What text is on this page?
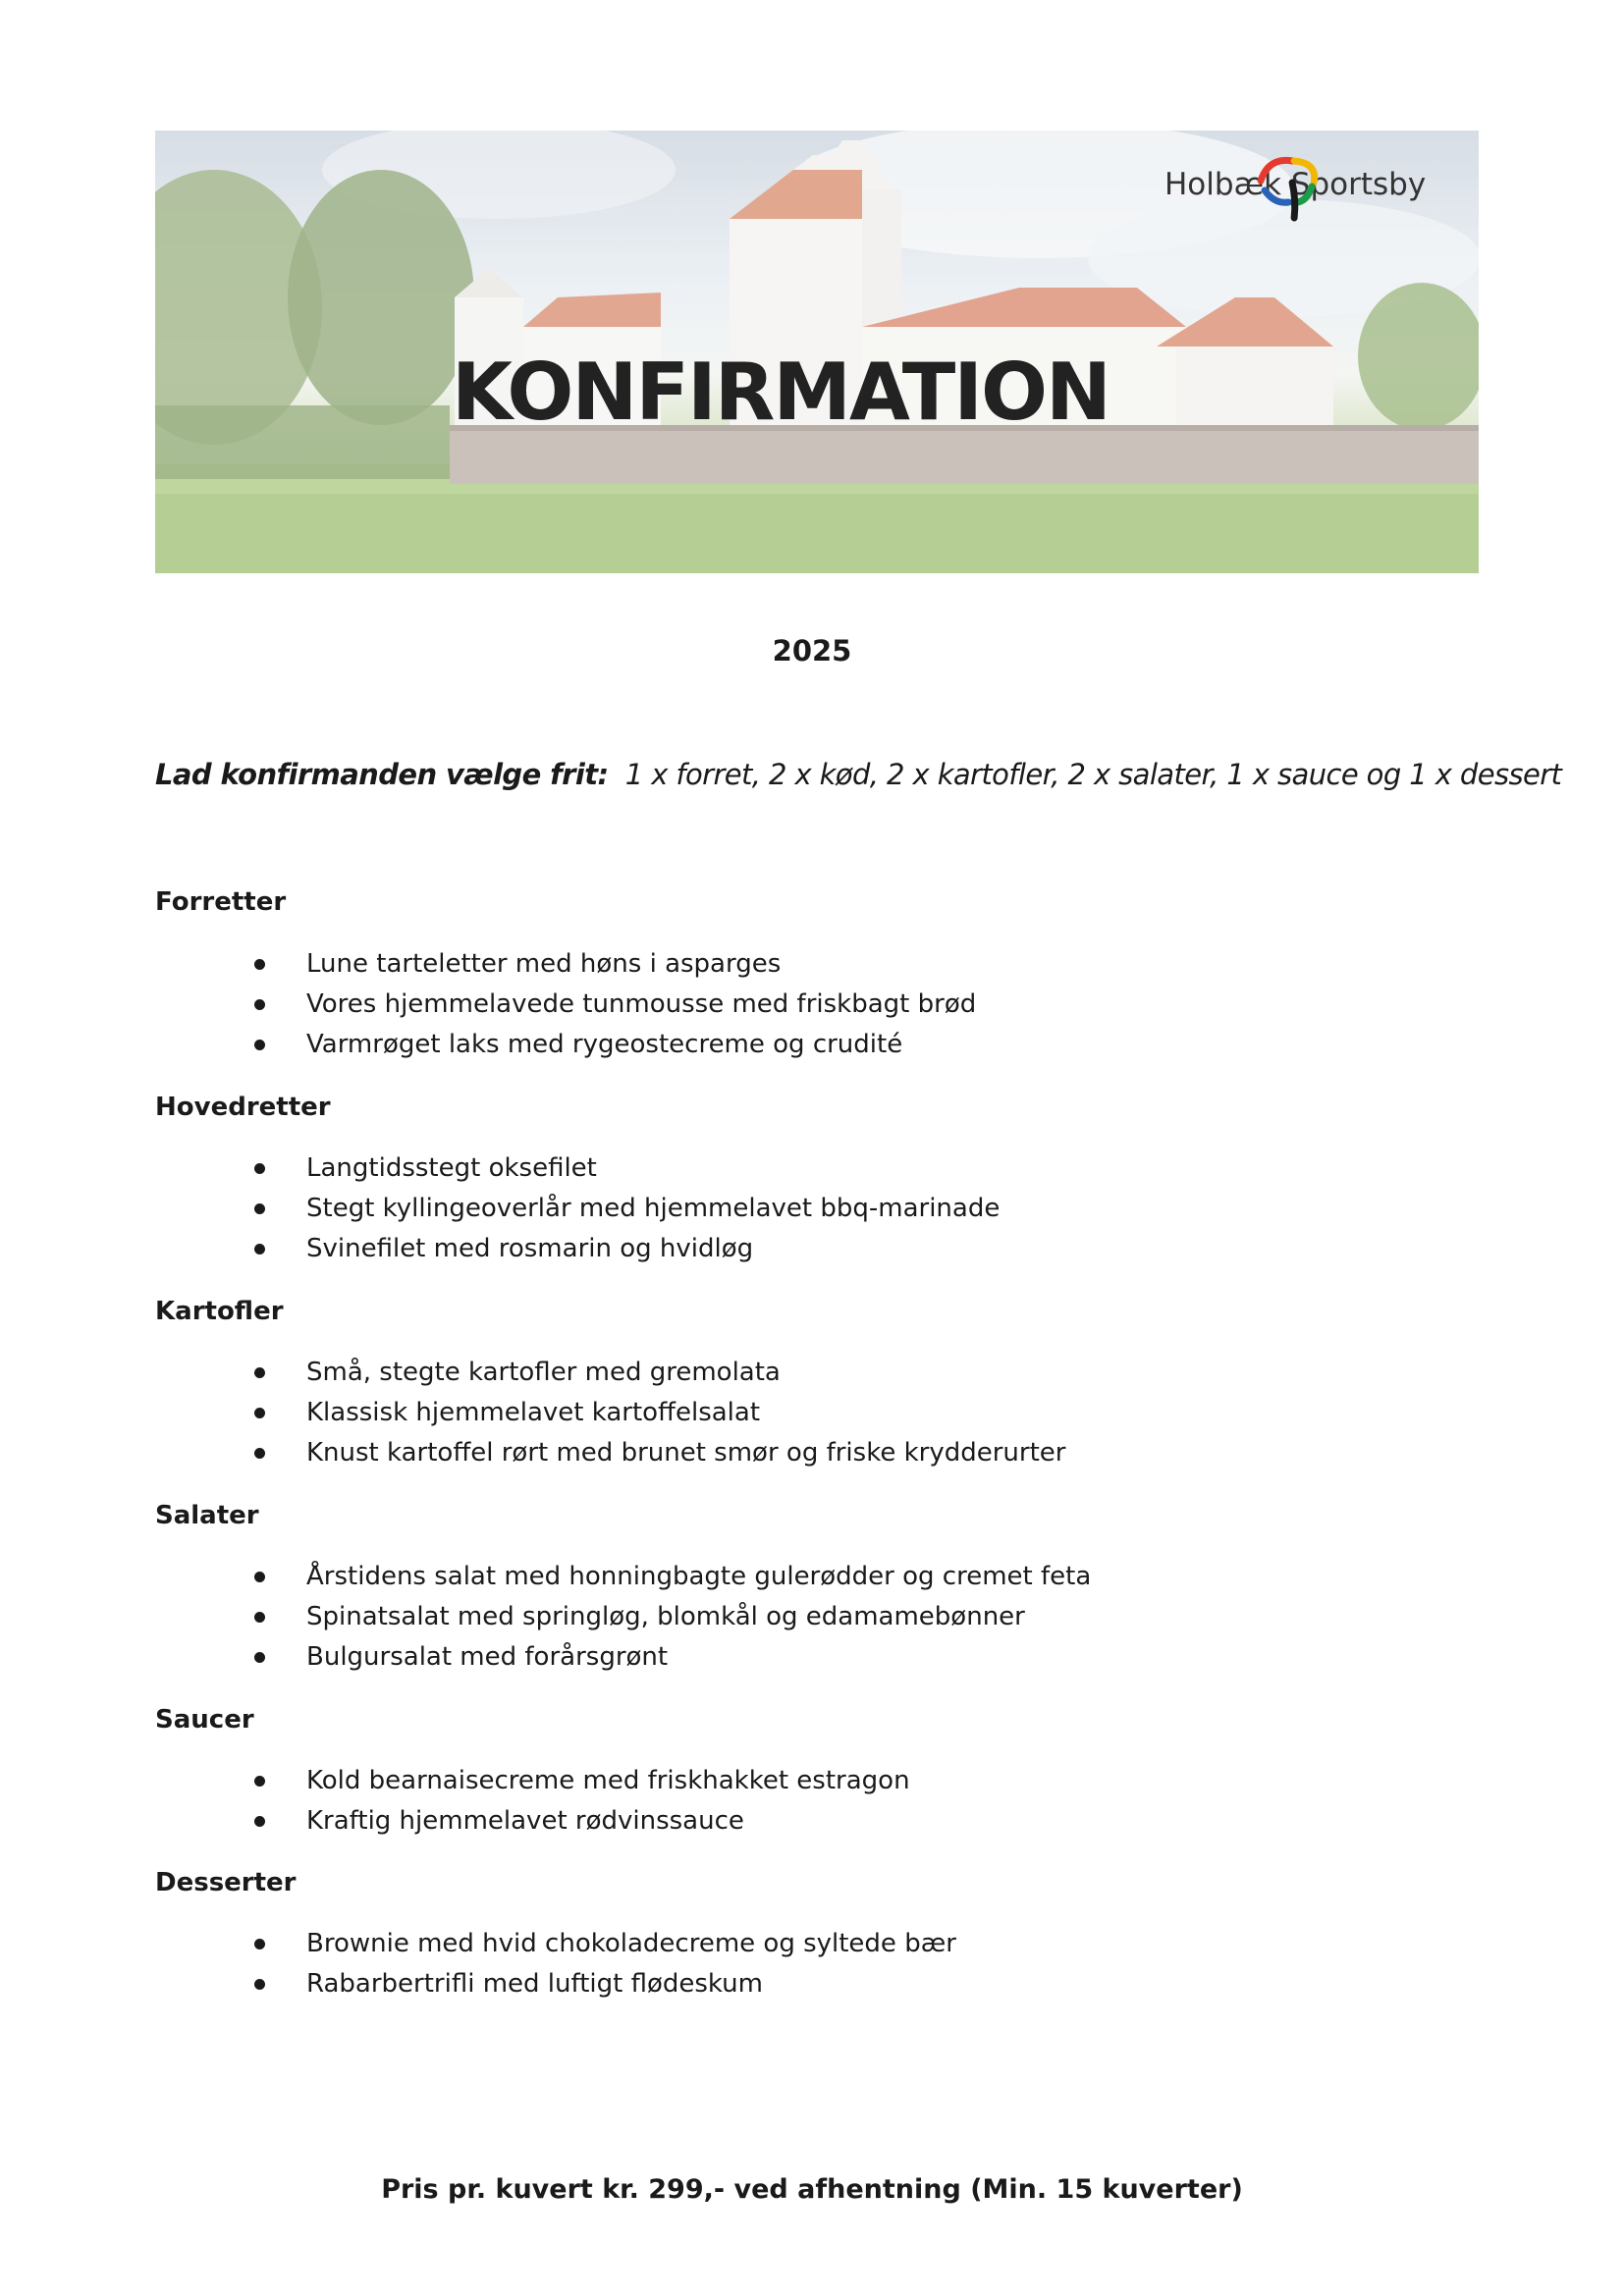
KONFIRMATION
Holbæk Sportsby
2025
Lad konfirmanden vælge frit: 1 x forret, 2 x kød, 2 x kartofler, 2 x salater, 1 x sauce og 1 x dessert
Forretter
Lune tarteletter med høns i asparges
Vores hjemmelavede tunmousse med friskbagt brød
Varmrøget laks med rygeostecreme og crudité
Hovedretter
Langtidsstegt oksefilet
Stegt kyllingeoverlår med hjemmelavet bbq-marinade
Svinefilet med rosmarin og hvidløg
Kartofler
Små, stegte kartofler med gremolata
Klassisk hjemmelavet kartoffelsalat
Knust kartoffel rørt med brunet smør og friske krydderurter
Salater
Årstidens salat med honningbagte gulerødder og cremet feta
Spinatsalat med springløg, blomkål og edamamebønner
Bulgursalat med forårsgrønt
Saucer
Kold bearnaisecreme med friskhakket estragon
Kraftig hjemmelavet rødvinssauce
Desserter
Brownie med hvid chokoladecreme og syltede bær
Rabarbertrifli med luftigt flødeskum
Pris pr. kuvert kr. 299,- ved afhentning (Min. 15 kuverter)
